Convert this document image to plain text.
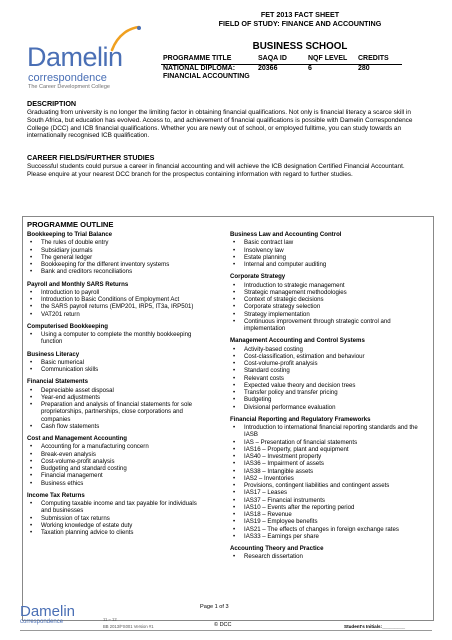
Damelin
correspondence
The Career Development College
FET 2013 FACT SHEET
FIELD OF STUDY: FINANCE AND ACCOUNTING
BUSINESS SCHOOL
PROGRAMME TITLE	SAQA ID	NQF LEVEL	CREDITS
NATIONAL DIPLOMA:	20366	6	280
FINANCIAL ACCOUNTING			
DESCRIPTION

Graduating from university is no longer the limiting factor in obtaining financial qualifications. Not only is financial literacy a scarce skill in South Africa, but education has evolved. Access to, and achievement of financial qualifications is possible with Damelin Correspondence College (DCC) and ICB financial qualifications. Whether you are newly out of school, or employed fulltime, you can study towards an internationally recognised ICB qualification.

CAREER FIELDS/FURTHER STUDIES

Successful students could pursue a career in financial accounting and will achieve the ICB designation Certified Financial Accountant. Please enquire at your nearest DCC branch for the prospectus containing information with regard to further studies.

PROGRAMME OUTLINE
Bookkeeping to Trial Balance
• The rules of double entry
• Subsidiary journals
• The general ledger
• Bookkeeping for the different inventory systems
• Bank and creditors reconciliations
Payroll and Monthly SARS Returns
• Introduction to payroll
• Introduction to Basic Conditions of Employment Act
• the SARS payroll returns (EMP201, IRP5, IT3a, IRP501)
• VAT201 return
Computerised Bookkeeping
• Using a computer to complete the monthly bookkeeping function
Business Literacy
• Basic numerical
• Communication skills
Financial Statements
• Depreciable asset disposal
• Year-end adjustments
• Preparation and analysis of financial statements for sole proprietorships, partnerships, close corporations and companies
• Cash flow statements
Cost and Management Accounting
• Accounting for a manufacturing concern
• Break-even analysis
• Cost-volume-profit analysis
• Budgeting and standard costing
• Financial management
• Business ethics
Income Tax Returns
• Computing taxable income and tax payable for individuals and businesses
• Submission of tax returns
• Working knowledge of estate duty
• Taxation planning advice to clients
Business Law and Accounting Control
• Basic contract law
• Insolvency law
• Estate planning
• Internal and computer auditing
Corporate Strategy
• Introduction to strategic management
• Strategic management methodologies
• Context of strategic decisions
• Corporate strategy selection
• Strategy implementation
• Continuous improvement through strategic control and implementation
Management Accounting and Control Systems
• Activity-based costing
• Cost-classification, estimation and behaviour
• Cost-volume-profit analysis
• Standard costing
• Relevant costs
• Expected value theory and decision trees
• Transfer policy and transfer pricing
• Budgeting
• Divisional performance evaluation
Financial Reporting and Regulatory Frameworks
• Introduction to international financial reporting standards and the IASB
• IAS – Presentation of financial statements
• IAS16 – Property, plant and equipment
• IAS40 – Investment property
• IAS36 – Impairment of assets
• IAS38 – Intangible assets
• IAS2 – Inventories
• Provisions, contingent liabilities and contingent assets
• IAS17 – Leases
• IAS37 – Financial instruments
• IAS10 – Events after the reporting period
• IAS18 – Revenue
• IAS19 – Employee benefits
• IAS21 – The effects of changes in foreign exchange rates
• IAS33 – Earnings per share
Accounting Theory and Practice
• Research dissertation
Page 1 of 3
Damelin
correspondence	11 – 12
BB 2013/FS001 Version #1	© DCC	Student's Initials:_________
